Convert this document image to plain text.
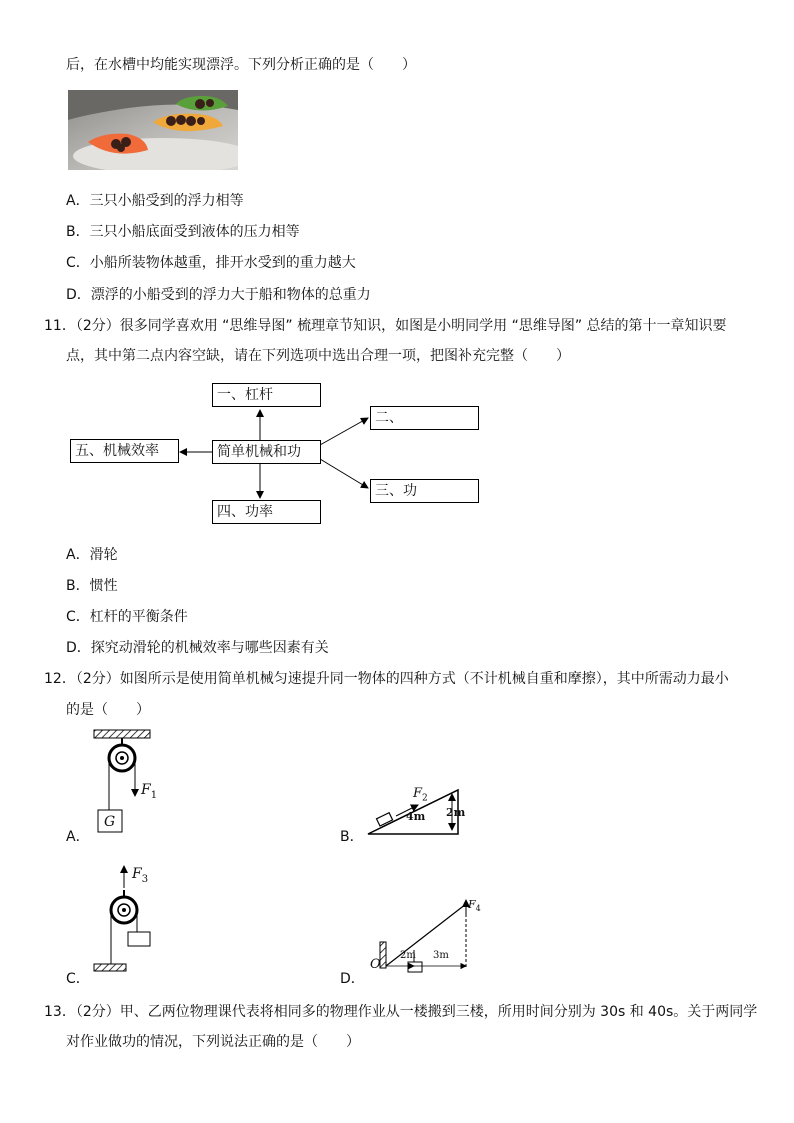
后，在水槽中均能实现漂浮。下列分析正确的是（　　）
A．三只小船受到的浮力相等
B．三只小船底面受到液体的压力相等
C．小船所装物体越重，排开水受到的重力越大
D．漂浮的小船受到的浮力大于船和物体的总重力
11．（2分）很多同学喜欢用 “思维导图” 梳理章节知识，如图是小明同学用 “思维导图” 总结的第十一章知识要
点，其中第二点内容空缺，请在下列选项中选出合理一项，把图补充完整（　　）
一、杠杆
二、
简单机械和功
三、功
四、功率
五、机械效率
A．滑轮
B．惯性
C．杠杆的平衡条件
D．探究动滑轮的机械效率与哪些因素有关
12．（2分）如图所示是使用简单机械匀速提升同一物体的四种方式（不计机械自重和摩擦），其中所需动力最小
的是（　　）
G
$F_1$
A．
$F_2$
4m 2m
B．
$F_3$
C．
$F_4$
O
2m 3m
D．
13．（2分）甲、乙两位物理课代表将相同多的物理作业从一楼搬到三楼，所用时间分别为 30s 和 40s。关于两同学
对作业做功的情况，下列说法正确的是（　　）
